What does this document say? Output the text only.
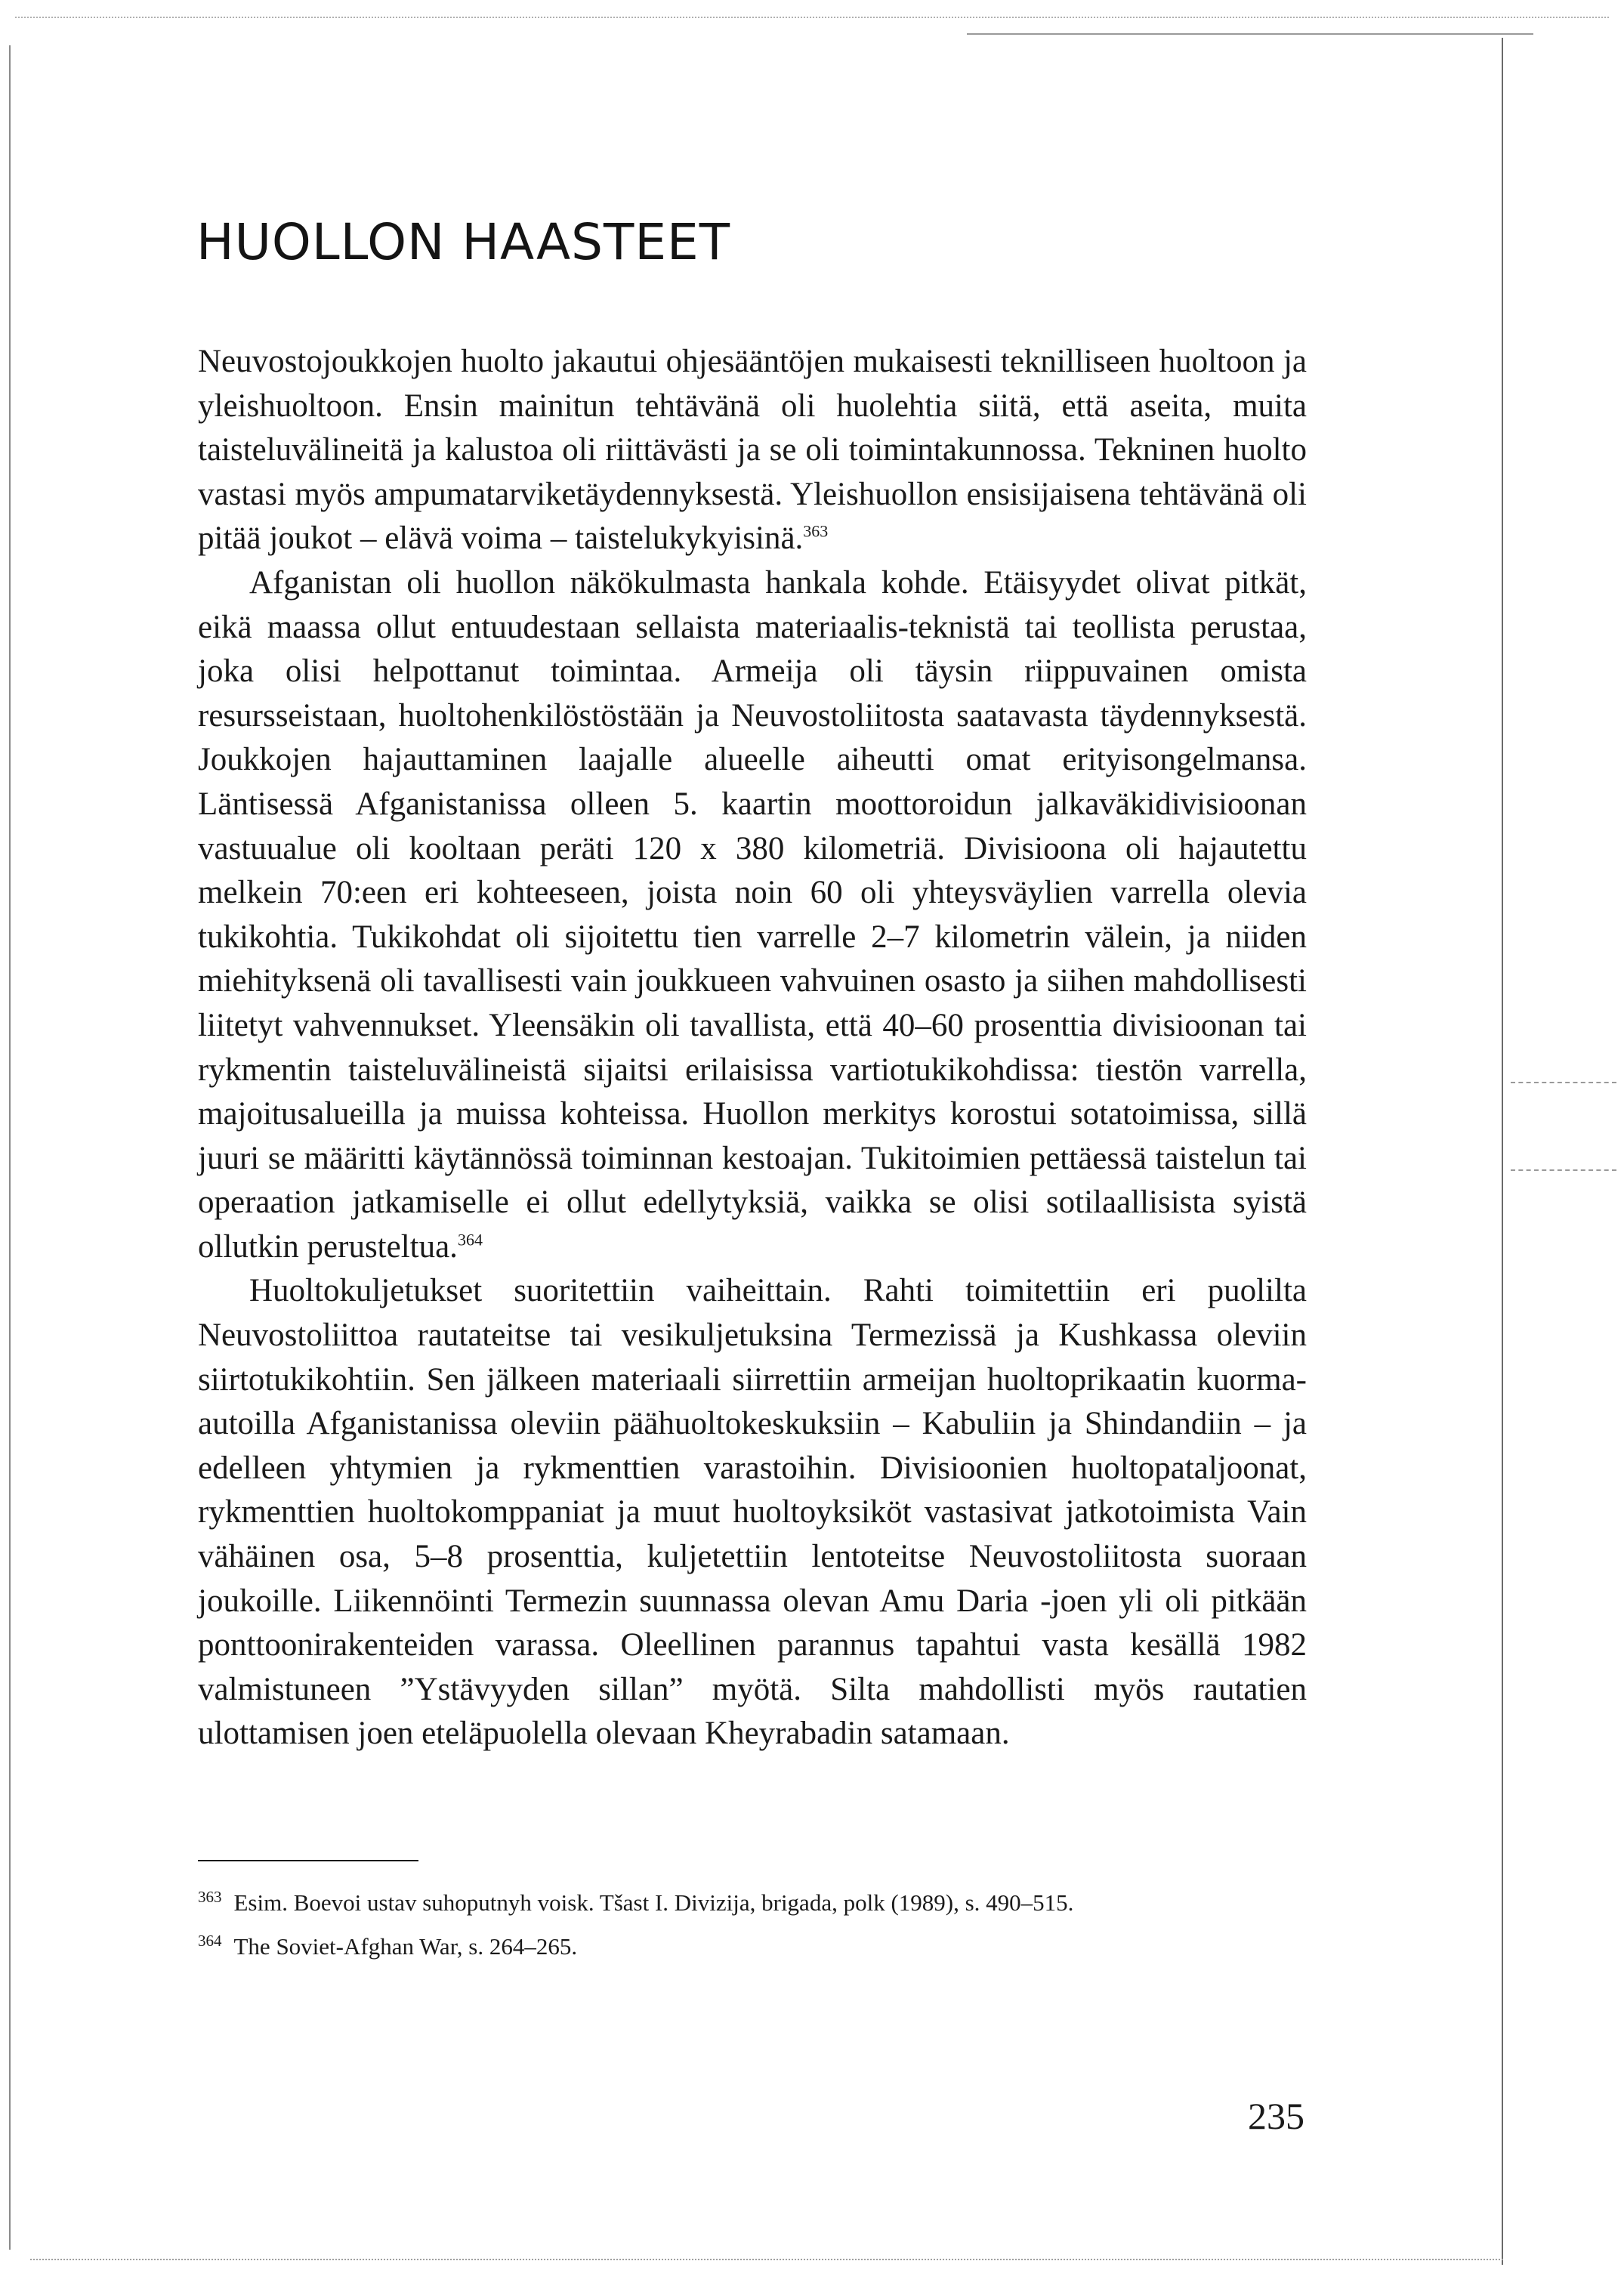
HUOLLON HAASTEET

Neuvostojoukkojen huolto jakautui ohjesääntöjen mukaisesti teknilliseen huoltoon ja yleishuoltoon. Ensin mainitun tehtävänä oli huolehtia siitä, että aseita, muita taisteluvälineitä ja kalustoa oli riittävästi ja se oli toimintakunnossa. Tekninen huolto vastasi myös ampumatarviketäydennyksestä. Yleishuollon ensisijaisena tehtävänä oli pitää joukot – elävä voima – taistelukykyisinä.$^{363}$

Afganistan oli huollon näkökulmasta hankala kohde. Etäisyydet olivat pitkät, eikä maassa ollut entuudestaan sellaista materiaalis-teknistä tai teollista perustaa, joka olisi helpottanut toimintaa. Armeija oli täysin riippuvainen omista resursseistaan, huoltohenkilöstöstään ja Neuvostoliitosta saatavasta täydennyksestä. Joukkojen hajauttaminen laajalle alueelle aiheutti omat erityisongelmansa. Läntisessä Afganistanissa olleen 5. kaartin moottoroidun jalkaväkidivisioonan vastuualue oli kooltaan peräti 120 x 380 kilometriä. Divisioona oli hajautettu melkein 70:een eri kohteeseen, joista noin 60 oli yhteysväylien varrella olevia tukikohtia. Tukikohdat oli sijoitettu tien varrelle 2–7 kilometrin välein, ja niiden miehityksenä oli tavallisesti vain joukkueen vahvuinen osasto ja siihen mahdollisesti liitetyt vahvennukset. Yleensäkin oli tavallista, että 40–60 prosenttia divisioonan tai rykmentin taisteluvälineistä sijaitsi erilaisissa vartiotukikohdissa: tiestön varrella, majoitusalueilla ja muissa kohteissa. Huollon merkitys korostui sotatoimissa, sillä juuri se määritti käytännössä toiminnan kestoajan. Tukitoimien pettäessä taistelun tai operaation jatkamiselle ei ollut edellytyksiä, vaikka se olisi sotilaallisista syistä ollutkin perusteltua.$^{364}$

Huoltokuljetukset suoritettiin vaiheittain. Rahti toimitettiin eri puolilta Neuvostoliittoa rautateitse tai vesikuljetuksina Termezissä ja Kushkassa oleviin siirtotukikohtiin. Sen jälkeen materiaali siirrettiin armeijan huoltoprikaatin kuorma-autoilla Afganistanissa oleviin päähuoltokeskuksiin – Kabuliin ja Shindandiin – ja edelleen yhtymien ja rykmenttien varastoihin. Divisioonien huoltopataljoonat, rykmenttien huoltokomppaniat ja muut huoltoyksiköt vastasivat jatkotoimista Vain vähäinen osa, 5–8 prosenttia, kuljetettiin lentoteitse Neuvostoliitosta suoraan joukoille. Liikennöinti Termezin suunnassa olevan Amu Daria -joen yli oli pitkään ponttoonirakenteiden varassa. Oleellinen parannus tapahtui vasta kesällä 1982 valmistuneen ”Ystävyyden sillan” myötä. Silta mahdollisti myös rautatien ulottamisen joen eteläpuolella olevaan Kheyrabadin satamaan.

$^{363}$ Esim. Boevoi ustav suhoputnyh voisk. Tšast I. Divizija, brigada, polk (1989), s. 490–515.
$^{364}$ The Soviet-Afghan War, s. 264–265.
235
